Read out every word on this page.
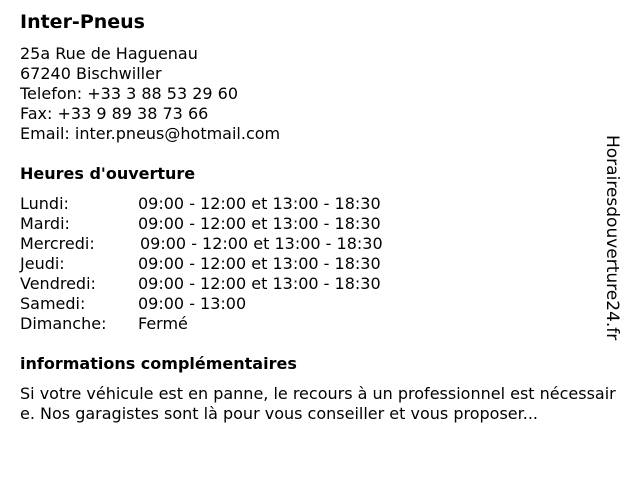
Inter-Pneus
25a Rue de Haguenau
67240 Bischwiller
Telefon: +33 3 88 53 29 60
Fax: +33 9 89 38 73 66
Email: inter.pneus@hotmail.com
Heures d'ouverture
Lundi:	09:00 - 12:00 et 13:00 - 18:30
Mardi:	09:00 - 12:00 et 13:00 - 18:30
Mercredi:	09:00 - 12:00 et 13:00 - 18:30
Jeudi:	09:00 - 12:00 et 13:00 - 18:30
Vendredi:	09:00 - 12:00 et 13:00 - 18:30
Samedi:	09:00 - 13:00
Dimanche: Fermé
informations complémentaires
Si votre véhicule est en panne, le recours à un professionnel est nécessaire. Nos garagistes sont là pour vous conseiller et vous proposer...
Horairesdouverture24.fr
